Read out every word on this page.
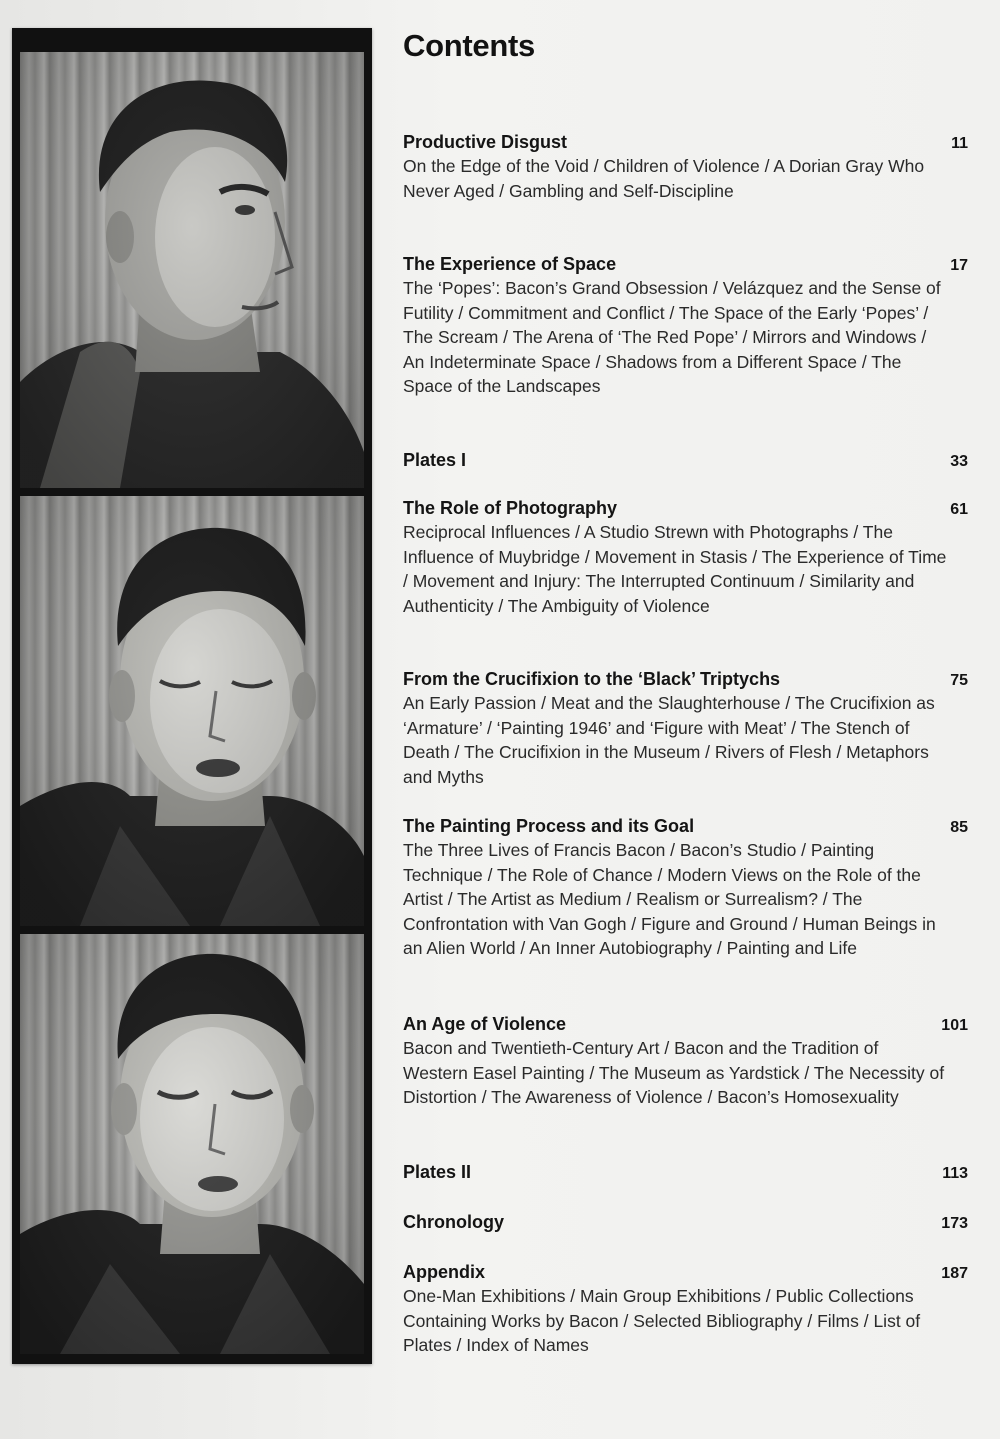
Contents
Productive Disgust	11
On the Edge of the Void / Children of Violence / A Dorian Gray Who Never Aged / Gambling and Self-Discipline
The Experience of Space	17
The ‘Popes’: Bacon’s Grand Obsession / Velázquez and the Sense of Futility / Commitment and Conflict / The Space of the Early ‘Popes’ / The Scream / The Arena of ‘The Red Pope’ / Mirrors and Windows / An Indeterminate Space / Shadows from a Different Space / The Space of the Landscapes
Plates I	33
The Role of Photography	61
Reciprocal Influences / A Studio Strewn with Photographs / The Influence of Muybridge / Movement in Stasis / The Experience of Time / Movement and Injury: The Interrupted Continuum / Similarity and Authenticity / The Ambiguity of Violence
From the Crucifixion to the ‘Black’ Triptychs	75
An Early Passion / Meat and the Slaughterhouse / The Crucifixion as ‘Armature’ / ‘Painting 1946’ and ‘Figure with Meat’ / The Stench of Death / The Crucifixion in the Museum / Rivers of Flesh / Metaphors and Myths
The Painting Process and its Goal	85
The Three Lives of Francis Bacon / Bacon’s Studio / Painting Technique / The Role of Chance / Modern Views on the Role of the Artist / The Artist as Medium / Realism or Surrealism? / The Confrontation with Van Gogh / Figure and Ground / Human Beings in an Alien World / An Inner Autobiography / Painting and Life
An Age of Violence	101
Bacon and Twentieth-Century Art / Bacon and the Tradition of Western Easel Painting / The Museum as Yardstick / The Necessity of Distortion / The Awareness of Violence / Bacon’s Homosexuality
Plates II	113
Chronology	173
Appendix	187
One-Man Exhibitions / Main Group Exhibitions / Public Collections Containing Works by Bacon / Selected Bibliography / Films / List of Plates / Index of Names
